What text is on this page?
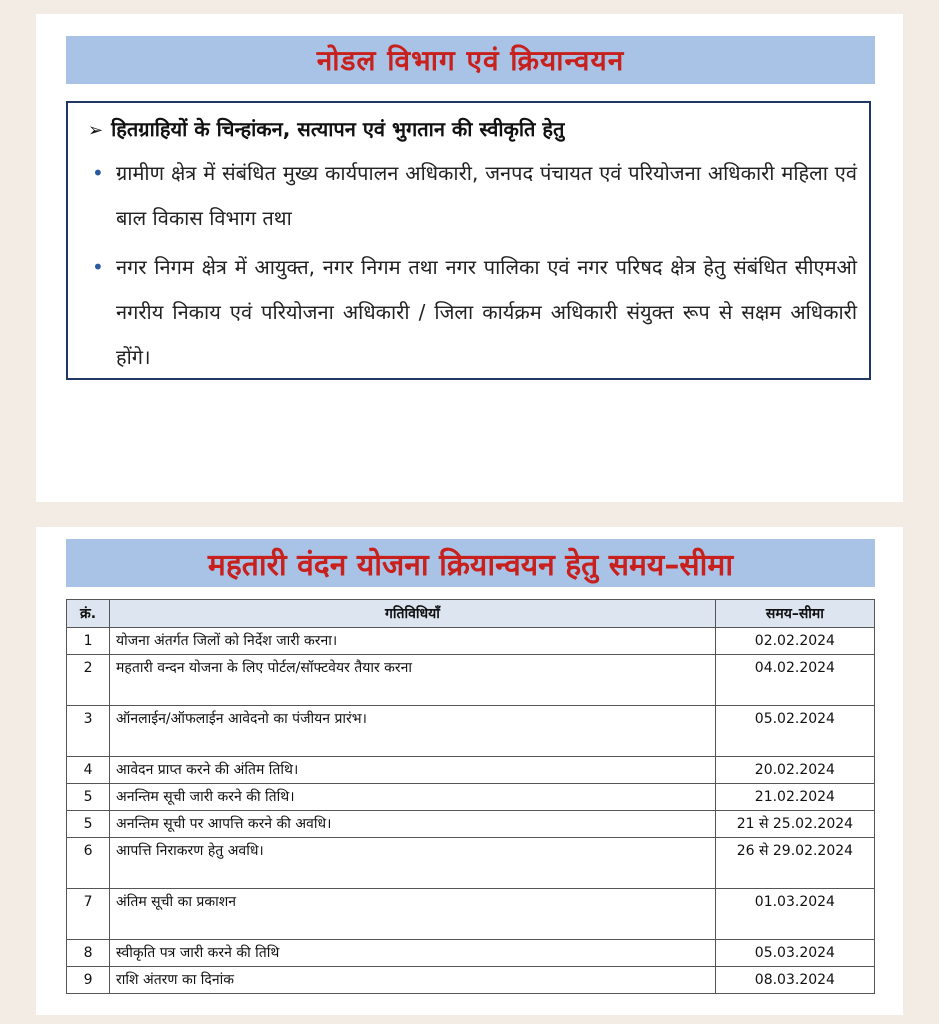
नोडल विभाग एवं क्रियान्वयन
➢ हितग्राहियों के चिन्हांकन, सत्यापन एवं भुगतान की स्वीकृति हेतु
• ग्रामीण क्षेत्र में संबंधित मुख्य कार्यपालन अधिकारी, जनपद पंचायत एवं परियोजना अधिकारी महिला एवं बाल विकास विभाग तथा
• नगर निगम क्षेत्र में आयुक्त, नगर निगम तथा नगर पालिका एवं नगर परिषद क्षेत्र हेतु संबंधित सीएमओ नगरीय निकाय एवं परियोजना अधिकारी / जिला कार्यक्रम अधिकारी संयुक्त रूप से सक्षम अधिकारी होंगे।
महतारी वंदन योजना क्रियान्वयन हेतु समय–सीमा
क्रं.	गतिविधियाँ	समय–सीमा
1	योजना अंतर्गत जिलों को निर्देश जारी करना।	02.02.2024
2	महतारी वन्दन योजना के लिए पोर्टल/सॉफ्टवेयर तैयार करना	04.02.2024
3	ऑनलाईन/ऑफलाईन आवेदनो का पंजीयन प्रारंभ।	05.02.2024
4	आवेदन प्राप्त करने की अंतिम तिथि।	20.02.2024
5	अनन्तिम सूची जारी करने की तिथि।	21.02.2024
5	अनन्तिम सूची पर आपत्ति करने की अवधि।	21 से 25.02.2024
6	आपत्ति निराकरण हेतु अवधि।	26 से 29.02.2024
7	अंतिम सूची का प्रकाशन	01.03.2024
8	स्वीकृति पत्र जारी करने की तिथि	05.03.2024
9	राशि अंतरण का दिनांक	08.03.2024
